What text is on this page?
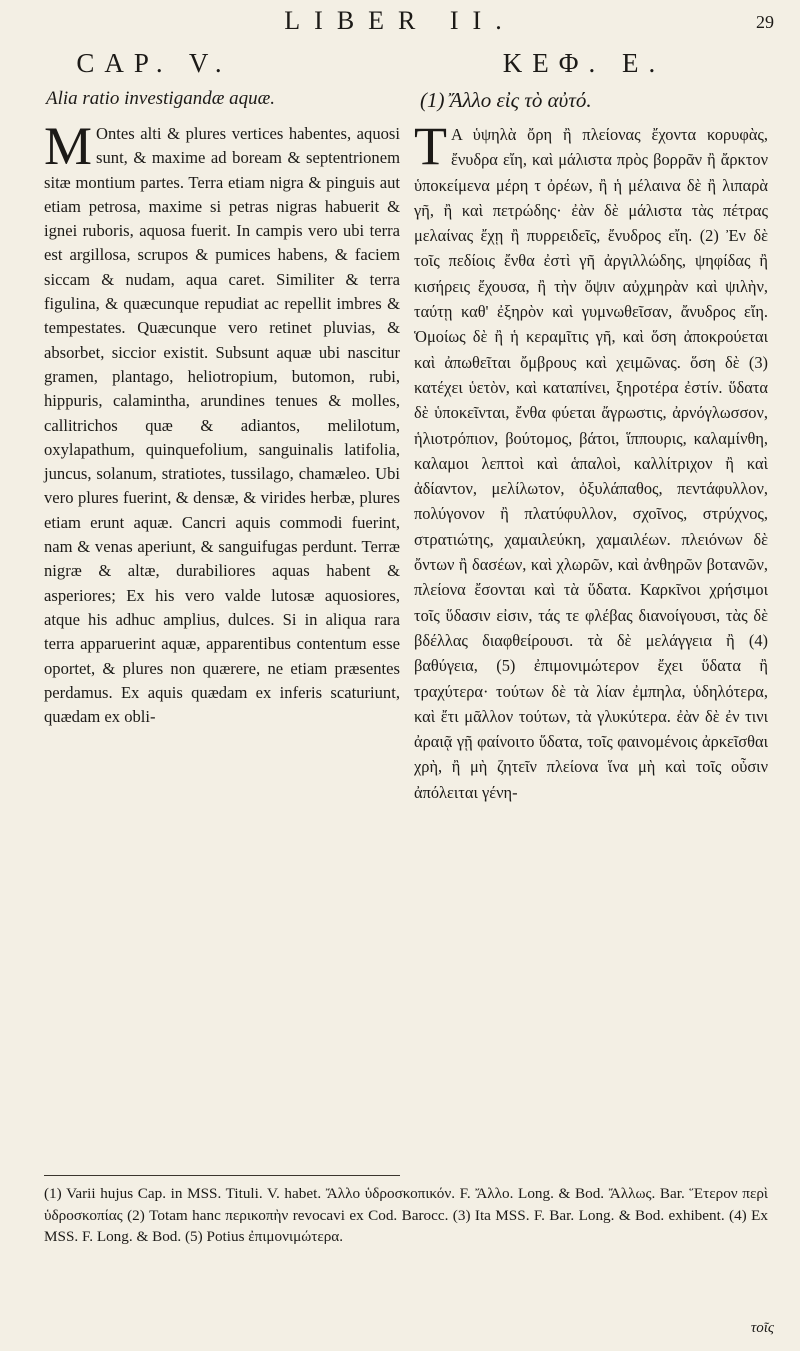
LIBER II.	29
CAP. V.
Alia ratio investigandæ aquæ.
M Ontes alti & plures vertices habentes, aquosi sunt, & maxime ad boream & septentrionem sitæ montium partes. Terra etiam nigra & pinguis aut etiam petrosa, maxime si petras nigras habuerit & ignei ruboris, aquosa fuerit. In campis vero ubi terra est argillosa, scrupos & pumices habens, & faciem siccam & nudam, aqua caret. Similiter & terra figulina, & quæcunque repudiat ac repellit imbres & tempestates. Quæcunque vero retinet pluvias, & absorbet, siccior existit. Subsunt aquæ ubi nascitur gramen, plantago, heliotropium, butomon, rubi, hippuris, calamintha, arundines tenues & molles, callitrichos quæ & adiantos, melilotum, oxylapathum, quinquefolium, sanguinalis latifolia, juncus, solanum, stratiotes, tussilago, chamæleo. Ubi vero plures fuerint, & densæ, & virides herbæ, plures etiam erunt aquæ. Cancri aquis commodi fuerint, nam & venas aperiunt, & sanguifugas perdunt. Terræ nigræ & altæ, durabiliores aquas habent & asperiores; Ex his vero valde lutosæ aquosiores, atque his adhuc amplius, dulces. Si in aliqua rara terra apparuerint aquæ, apparentibus contentum esse oportet, & plures non quærere, ne etiam præsentes perdamus. Ex aquis quædam ex inferis scaturiunt, quædam ex obli-
ΚΕΦ. Ε.
(1) Ἄλλο εἰς τὸ αὐτό.
Τ Α ὑψηλὰ ὄρη ἢ πλείονας ἔχοντα κορυφὰς, ἔνυδρα εἴη, καὶ μάλιστα πρὸς βορρᾶν ἢ ἄρκτον ὑποκείμενα μέρη τ ὀρέων, ἢ ἡ μέλαινα δὲ ἢ λιπαρὰ γῆ, ἢ καὶ πετρώδης· ἐὰν δὲ μάλιστα τὰς πέτρας μελαίνας ἔχῃ ἢ πυρρειδεῖς, ἔνυδρος εἴη. (2) Ἐν δὲ τοῖς πεδίοις ἔνθα ἐστὶ γῆ ἀργιλλώδης, ψηφίδας ἢ κισήρεις ἔχουσα, ἢ τὴν ὄψιν αὐχμηρὰν καὶ ψιλὴν, ταύτῃ καθ' ἐξηρὸν καὶ γυμνωθεῖσαν, ἄνυδρος εἴη. Ὁμοίως δὲ ἢ ἡ κεραμῖτις γῆ, καὶ ὅση ἀποκρούεται καὶ ἀπωθεῖται ὄμβρους καὶ χειμῶνας. ὅση δὲ (3) κατέχει ὑετὸν, καὶ καταπίνει, ξηροτέρα ἐστίν. ὕδατα δὲ ὑποκεῖνται, ἔνθα φύεται ἄγρωστις, ἀρνόγλωσσον, ἡλιοτρόπιον, βούτομος, βάτοι, ἵππουρις, καλαμίνθη, καλαμοι λεπτοὶ καὶ ἁπαλοὶ, καλλίτριχον ἢ καὶ ἀδίαντον, μελίλωτον, ὀξυλάπαθος, πεντάφυλλον, πολύγονον ἢ πλατύφυλλον, σχοῖνος, στρύχνος, στρατιώτης, χαμαιλεύκη, χαμαιλέων. πλειόνων δὲ ὄντων ἢ δασέων, καὶ χλωρῶν, καὶ ἀνθηρῶν βοτανῶν, πλείονα ἔσονται καὶ τὰ ὕδατα. Καρκῖνοι χρήσιμοι τοῖς ὕδασιν εἰσιν, τάς τε φλέβας διανοίγουσι, τὰς δὲ βδέλλας διαφθείρουσι. τὰ δὲ μελάγγεια ἢ (4) βαθύγεια, (5) ἐπιμονιμώτερον ἔχει ὕδατα ἢ τραχύτερα· τούτων δὲ τὰ λίαν ἐμπηλα, ὑδηλότερα, καὶ ἔτι μᾶλλον τούτων, τὰ γλυκύτερα. ἐὰν δὲ ἐν τινι ἀραιᾷ γῇ φαίνοιτο ὕδατα, τοῖς φαινομένοις ἀρκεῖσθαι χρὴ, ἢ μὴ ζητεῖν πλείονα ἵνα μὴ καὶ τοῖς οὖσιν ἀπόλειται γένη-
(1) Varii hujus Cap. in MSS. Tituli. V. habet. Ἄλλο ὑδροσκοπικόν. F. Ἄλλο. Long. & Bod. Ἄλλως. Bar. Ἕτερον περὶ ὑδροσκοπίας (2) Totam hanc περικοπὴν revocavi ex Cod. Barocc. (3) Ita MSS. F. Bar. Long. & Bod. exhibent. (4) Ex MSS. F. Long. & Bod. (5) Potius ἐπιμονιμώτερα.
τοῖς
